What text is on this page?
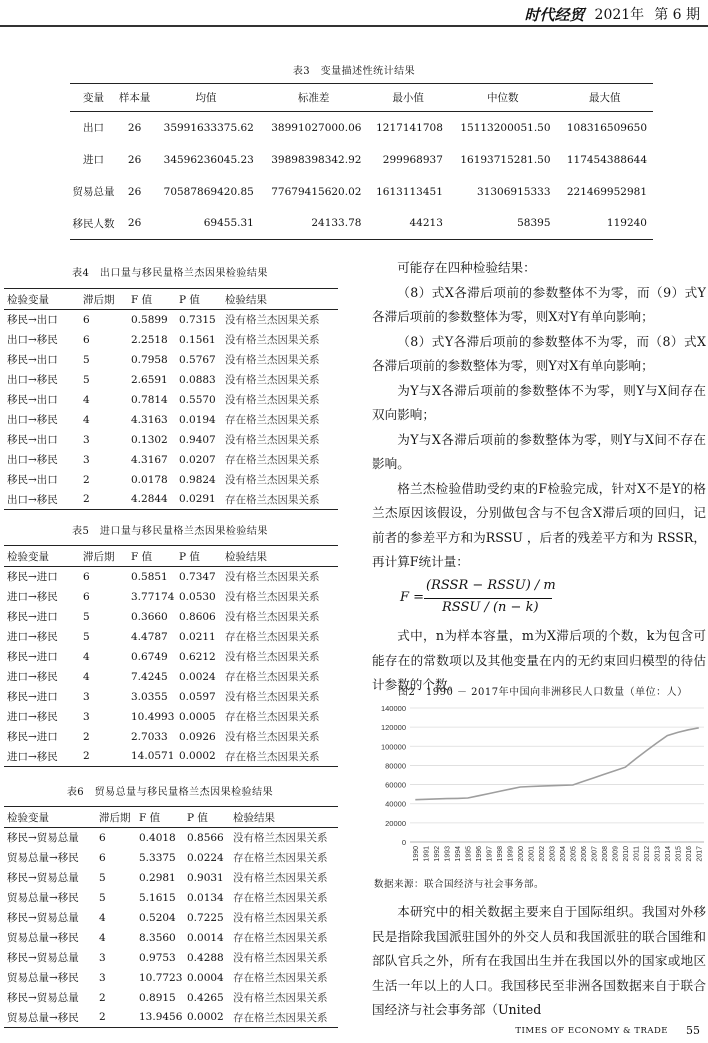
时代经贸 2021年 第 6 期
表3　变量描述性统计结果
变量	样本量	均值	标准差	最小值	中位数	最大值
出口	26	35991633375.62	38991027000.06	1217141708	15113200051.50	108316509650
进口	26	34596236045.23	39898398342.92	299968937	16193715281.50	117454388644
贸易总量	26	70587869420.85	77679415620.02	1613113451	31306915333	221469952981
移民人数	26	69455.31	24133.78	44213	58395	119240
表4　出口量与移民量格兰杰因果检验结果
检验变量	滞后期	F 值	P 值	检验结果
移民→出口	6	0.5899	0.7315	没有格兰杰因果关系
出口→移民	6	2.2518	0.1561	没有格兰杰因果关系
移民→出口	5	0.7958	0.5767	没有格兰杰因果关系
出口→移民	5	2.6591	0.0883	没有格兰杰因果关系
移民→出口	4	0.7814	0.5570	没有格兰杰因果关系
出口→移民	4	4.3163	0.0194	存在格兰杰因果关系
移民→出口	3	0.1302	0.9407	没有格兰杰因果关系
出口→移民	3	4.3167	0.0207	存在格兰杰因果关系
移民→出口	2	0.0178	0.9824	没有格兰杰因果关系
出口→移民	2	4.2844	0.0291	存在格兰杰因果关系
表5　进口量与移民量格兰杰因果检验结果
检验变量	滞后期	F 值	P 值	检验结果
移民→进口	6	0.5851	0.7347	没有格兰杰因果关系
进口→移民	6	3.77174	0.0530	没有格兰杰因果关系
移民→进口	5	0.3660	0.8606	没有格兰杰因果关系
进口→移民	5	4.4787	0.0211	存在格兰杰因果关系
移民→进口	4	0.6749	0.6212	没有格兰杰因果关系
进口→移民	4	7.4245	0.0024	存在格兰杰因果关系
移民→进口	3	3.0355	0.0597	没有格兰杰因果关系
进口→移民	3	10.4993	0.0005	存在格兰杰因果关系
移民→进口	2	2.7033	0.0926	没有格兰杰因果关系
进口→移民	2	14.0571	0.0002	存在格兰杰因果关系
表6　贸易总量与移民量格兰杰因果检验结果
检验变量	滞后期	F 值	P 值	检验结果
移民→贸易总量	6	0.4018	0.8566	没有格兰杰因果关系
贸易总量→移民	6	5.3375	0.0224	存在格兰杰因果关系
移民→贸易总量	5	0.2981	0.9031	没有格兰杰因果关系
贸易总量→移民	5	5.1615	0.0134	存在格兰杰因果关系
移民→贸易总量	4	0.5204	0.7225	没有格兰杰因果关系
贸易总量→移民	4	8.3560	0.0014	存在格兰杰因果关系
移民→贸易总量	3	0.9753	0.4288	没有格兰杰因果关系
贸易总量→移民	3	10.7723	0.0004	存在格兰杰因果关系
移民→贸易总量	2	0.8915	0.4265	没有格兰杰因果关系
贸易总量→移民	2	13.9456	0.0002	存在格兰杰因果关系

可能存在四种检验结果：

（8）式X各滞后项前的参数整体不为零，而（9）式Y各滞后项前的参数整体为零，则X对Y有单向影响；

（8）式Y各滞后项前的参数整体不为零，而（8）式X各滞后项前的参数整体为零，则Y对X有单向影响；

为Y与X各滞后项前的参数整体不为零，则Y与X间存在双向影响；

为Y与X各滞后项前的参数整体为零，则Y与X间不存在影响。

格兰杰检验借助受约束的F检验完成，针对X不是Y的格兰杰原因该假设，分别做包含与不包含X滞后项的回归，记前者的参差平方和为RSSU ，后者的残差平方和为 RSSR，再计算F统计量：

F =
(RSSR − RSSU) / m
RSSU / (n − k)

式中，n为样本容量，m为X滞后项的个数，k为包含可能存在的常数项以及其他变量在内的无约束回归模型的待估计参数的个数。

图2　1990 － 2017年中国向非洲移民人口数量（单位：人）
0
20000
40000
60000
80000
100000
120000
140000
1990 1991 1992 1993 1994 1995 1996 1997 1998 1999 2000 2001 2002 2003 2004 2005 2006 2007 2008 2009 2010 2011 2012 2013 2014 2015 2016 2017
数据来源：联合国经济与社会事务部。

本研究中的相关数据主要来自于国际组织。我国对外移民是指除我国派驻国外的外交人员和我国派驻的联合国维和部队官兵之外，所有在我国出生并在我国以外的国家或地区生活一年以上的人口。我国移民至非洲各国数据来自于联合国经济与社会事务部（United

TIMES OF ECONOMY & TRADE 55
